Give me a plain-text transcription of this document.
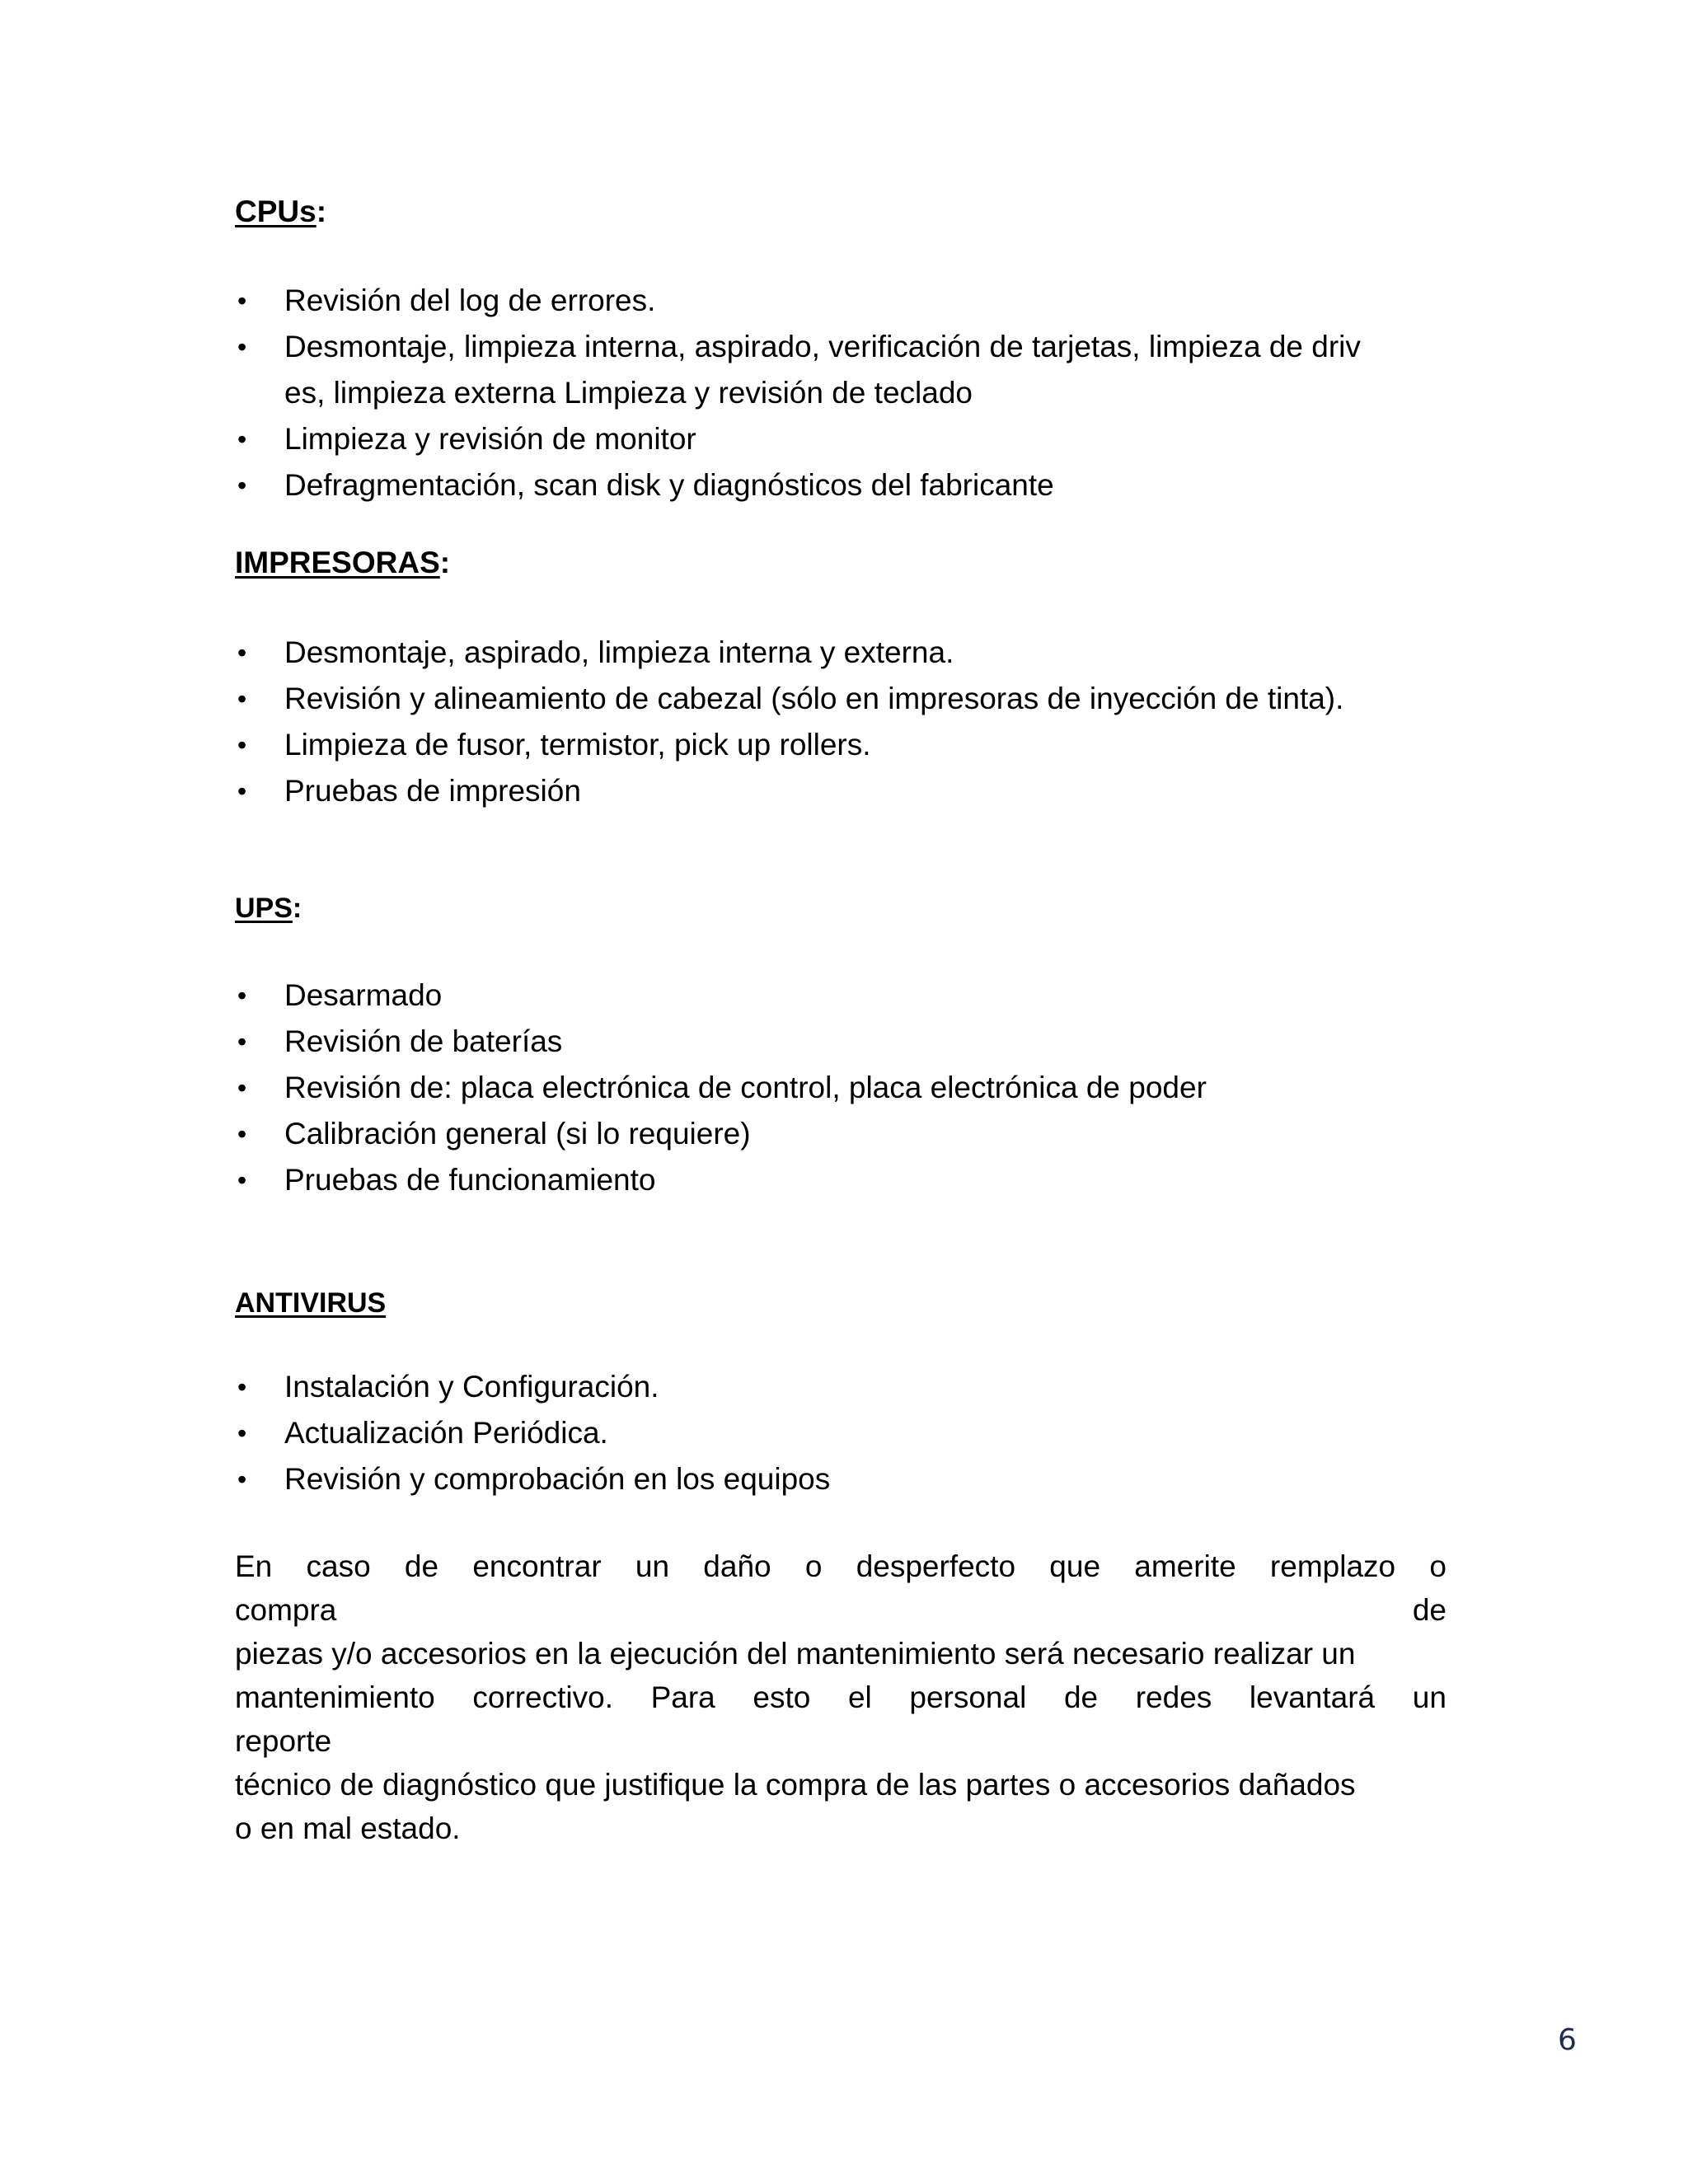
CPUs:
• Revisión del log de errores.
• Desmontaje, limpieza interna, aspirado, verificación de tarjetas, limpieza de driv
es, limpieza externa Limpieza y revisión de teclado
• Limpieza y revisión de monitor
• Defragmentación, scan disk y diagnósticos del fabricante
IMPRESORAS:
• Desmontaje, aspirado, limpieza interna y externa.
• Revisión y alineamiento de cabezal (sólo en impresoras de inyección de tinta).
• Limpieza de fusor, termistor, pick up rollers.
• Pruebas de impresión
UPS:
• Desarmado
• Revisión de baterías
• Revisión de: placa electrónica de control, placa electrónica de poder
• Calibración general (si lo requiere)
• Pruebas de funcionamiento
ANTIVIRUS
• Instalación y Configuración.
• Actualización Periódica.
• Revisión y comprobación en los equipos
En caso de encontrar un daño o desperfecto que amerite remplazo o
compra	de
piezas y/o accesorios en la ejecución del mantenimiento será necesario realizar un
mantenimiento correctivo. Para esto el personal de redes levantará un
reporte
técnico de diagnóstico que justifique la compra de las partes o accesorios dañados
o en mal estado.
6
